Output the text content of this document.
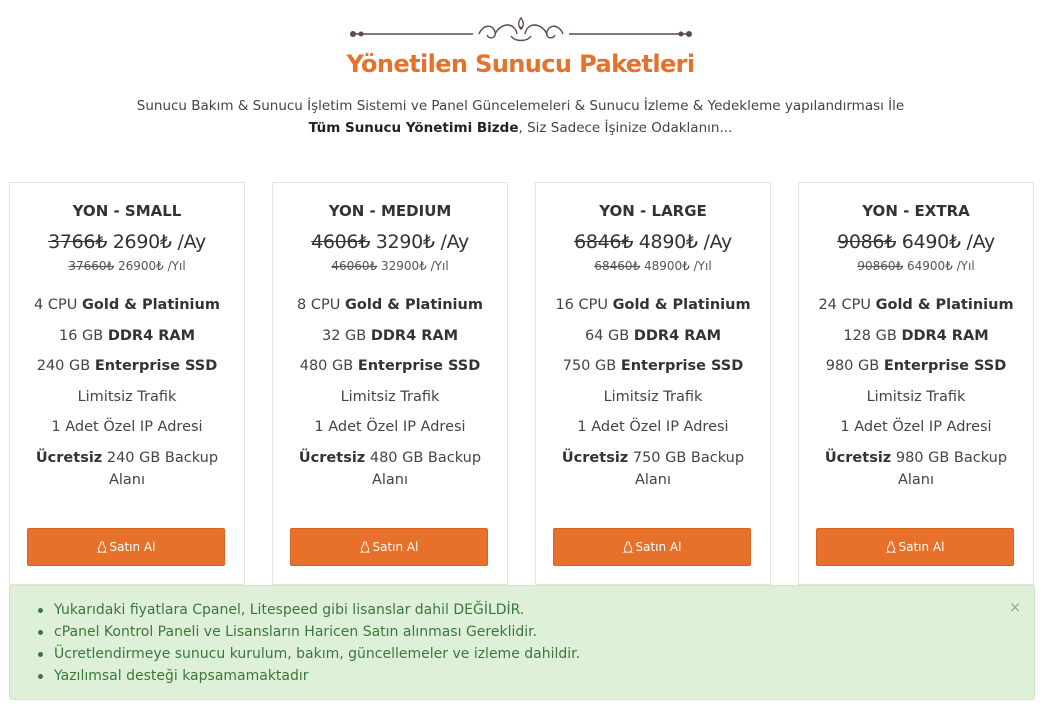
Yönetilen Sunucu Paketleri
Sunucu Bakım & Sunucu İşletim Sistemi ve Panel Güncelemeleri & Sunucu İzleme & Yedekleme yapılandırması İle
Tüm Sunucu Yönetimi Bizde, Siz Sadece İşinize Odaklanın...
YON - SMALL
3766₺ 2690₺ /Ay
37660₺ 26900₺ /Yıl
4 CPU Gold & Platinium
16 GB DDR4 RAM
240 GB Enterprise SSD
Limitsiz Trafik
1 Adet Özel IP Adresi
Ücretsiz 240 GB Backup Alanı
Satın Al
YON - MEDIUM
4606₺ 3290₺ /Ay
46060₺ 32900₺ /Yıl
8 CPU Gold & Platinium
32 GB DDR4 RAM
480 GB Enterprise SSD
Limitsiz Trafik
1 Adet Özel IP Adresi
Ücretsiz 480 GB Backup Alanı
Satın Al
YON - LARGE
6846₺ 4890₺ /Ay
68460₺ 48900₺ /Yıl
16 CPU Gold & Platinium
64 GB DDR4 RAM
750 GB Enterprise SSD
Limitsiz Trafik
1 Adet Özel IP Adresi
Ücretsiz 750 GB Backup Alanı
Satın Al
YON - EXTRA
9086₺ 6490₺ /Ay
90860₺ 64900₺ /Yıl
24 CPU Gold & Platinium
128 GB DDR4 RAM
980 GB Enterprise SSD
Limitsiz Trafik
1 Adet Özel IP Adresi
Ücretsiz 980 GB Backup Alanı
Satın Al
Yukarıdaki fiyatlara Cpanel, Litespeed gibi lisanslar dahil DEĞİLDİR.
cPanel Kontrol Paneli ve Lisansların Haricen Satın alınması Gereklidir.
Ücretlendirmeye sunucu kurulum, bakım, güncellemeler ve izleme dahildir.
Yazılımsal desteği kapsamamaktadır
×
